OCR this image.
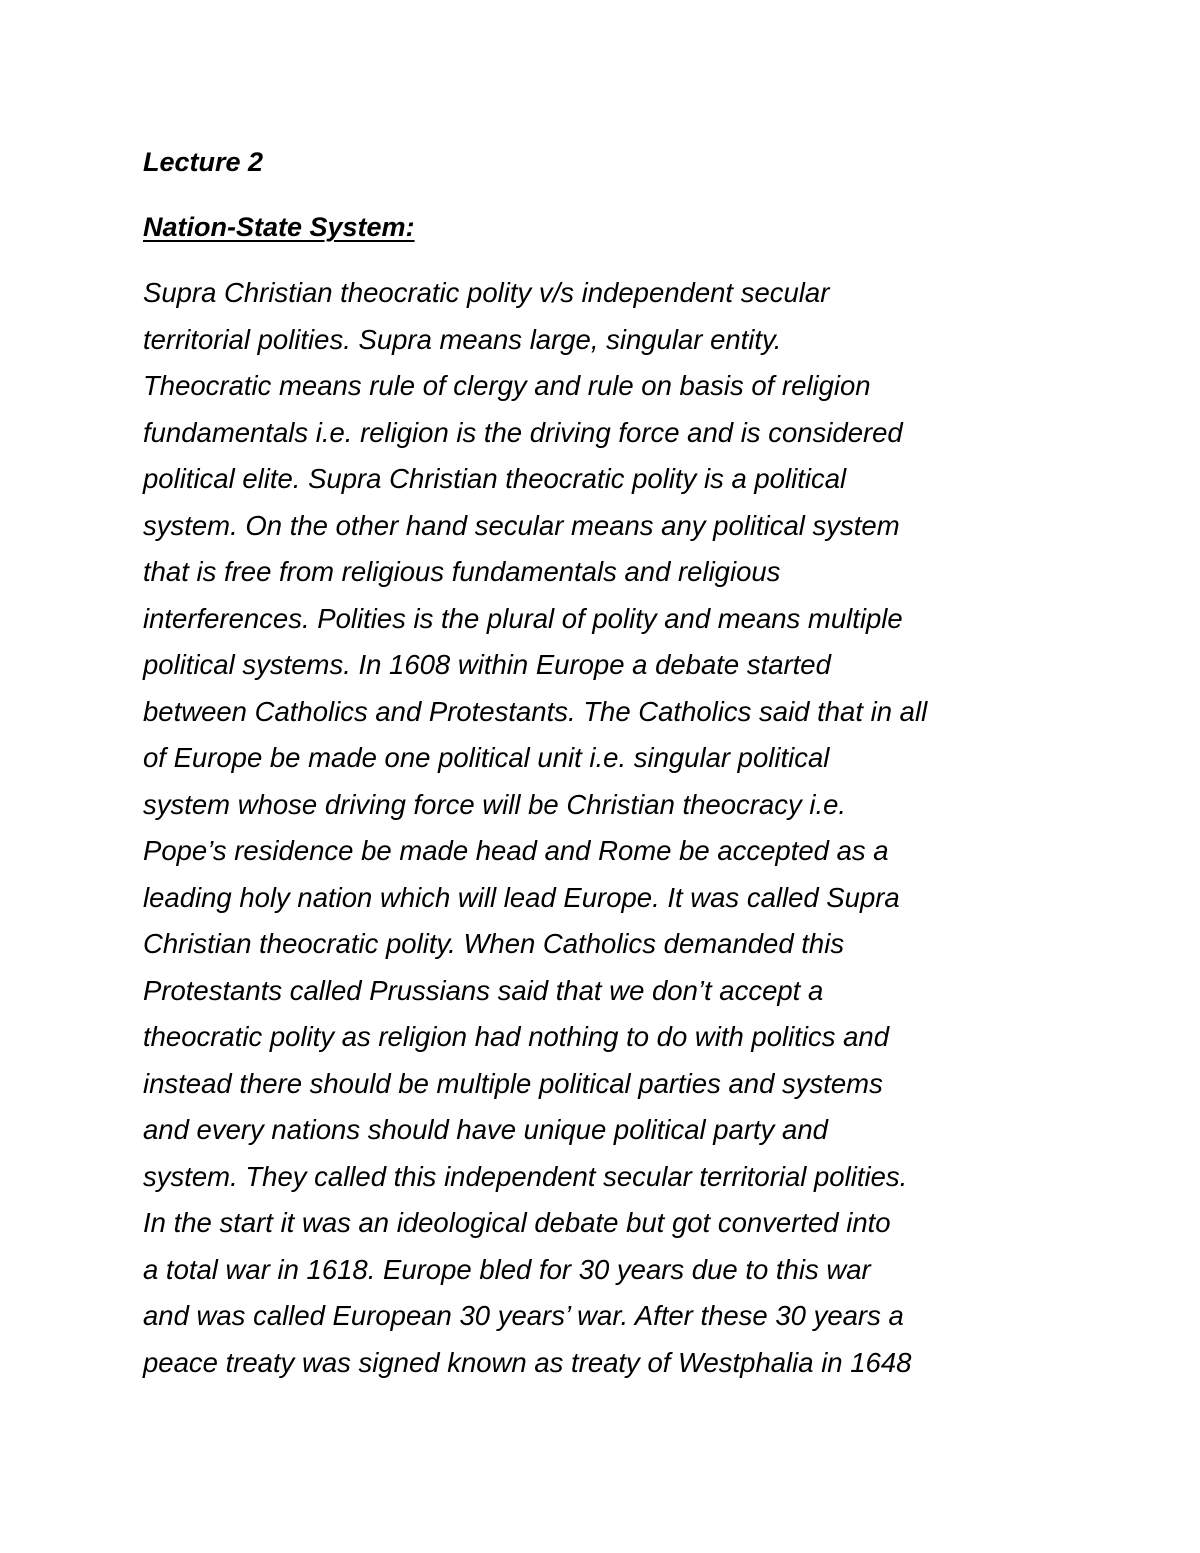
Lecture 2
Nation-State System:

Supra Christian theocratic polity v/s independent secular
territorial polities. Supra means large, singular entity.
Theocratic means rule of clergy and rule on basis of religion
fundamentals i.e. religion is the driving force and is considered
political elite. Supra Christian theocratic polity is a political
system. On the other hand secular means any political system
that is free from religious fundamentals and religious
interferences. Polities is the plural of polity and means multiple
political systems. In 1608 within Europe a debate started
between Catholics and Protestants. The Catholics said that in all
of Europe be made one political unit i.e. singular political
system whose driving force will be Christian theocracy i.e.
Pope’s residence be made head and Rome be accepted as a
leading holy nation which will lead Europe. It was called Supra
Christian theocratic polity. When Catholics demanded this
Protestants called Prussians said that we don’t accept a
theocratic polity as religion had nothing to do with politics and
instead there should be multiple political parties and systems
and every nations should have unique political party and
system. They called this independent secular territorial polities.
In the start it was an ideological debate but got converted into
a total war in 1618. Europe bled for 30 years due to this war
and was called European 30 years’ war. After these 30 years a
peace treaty was signed known as treaty of Westphalia in 1648
